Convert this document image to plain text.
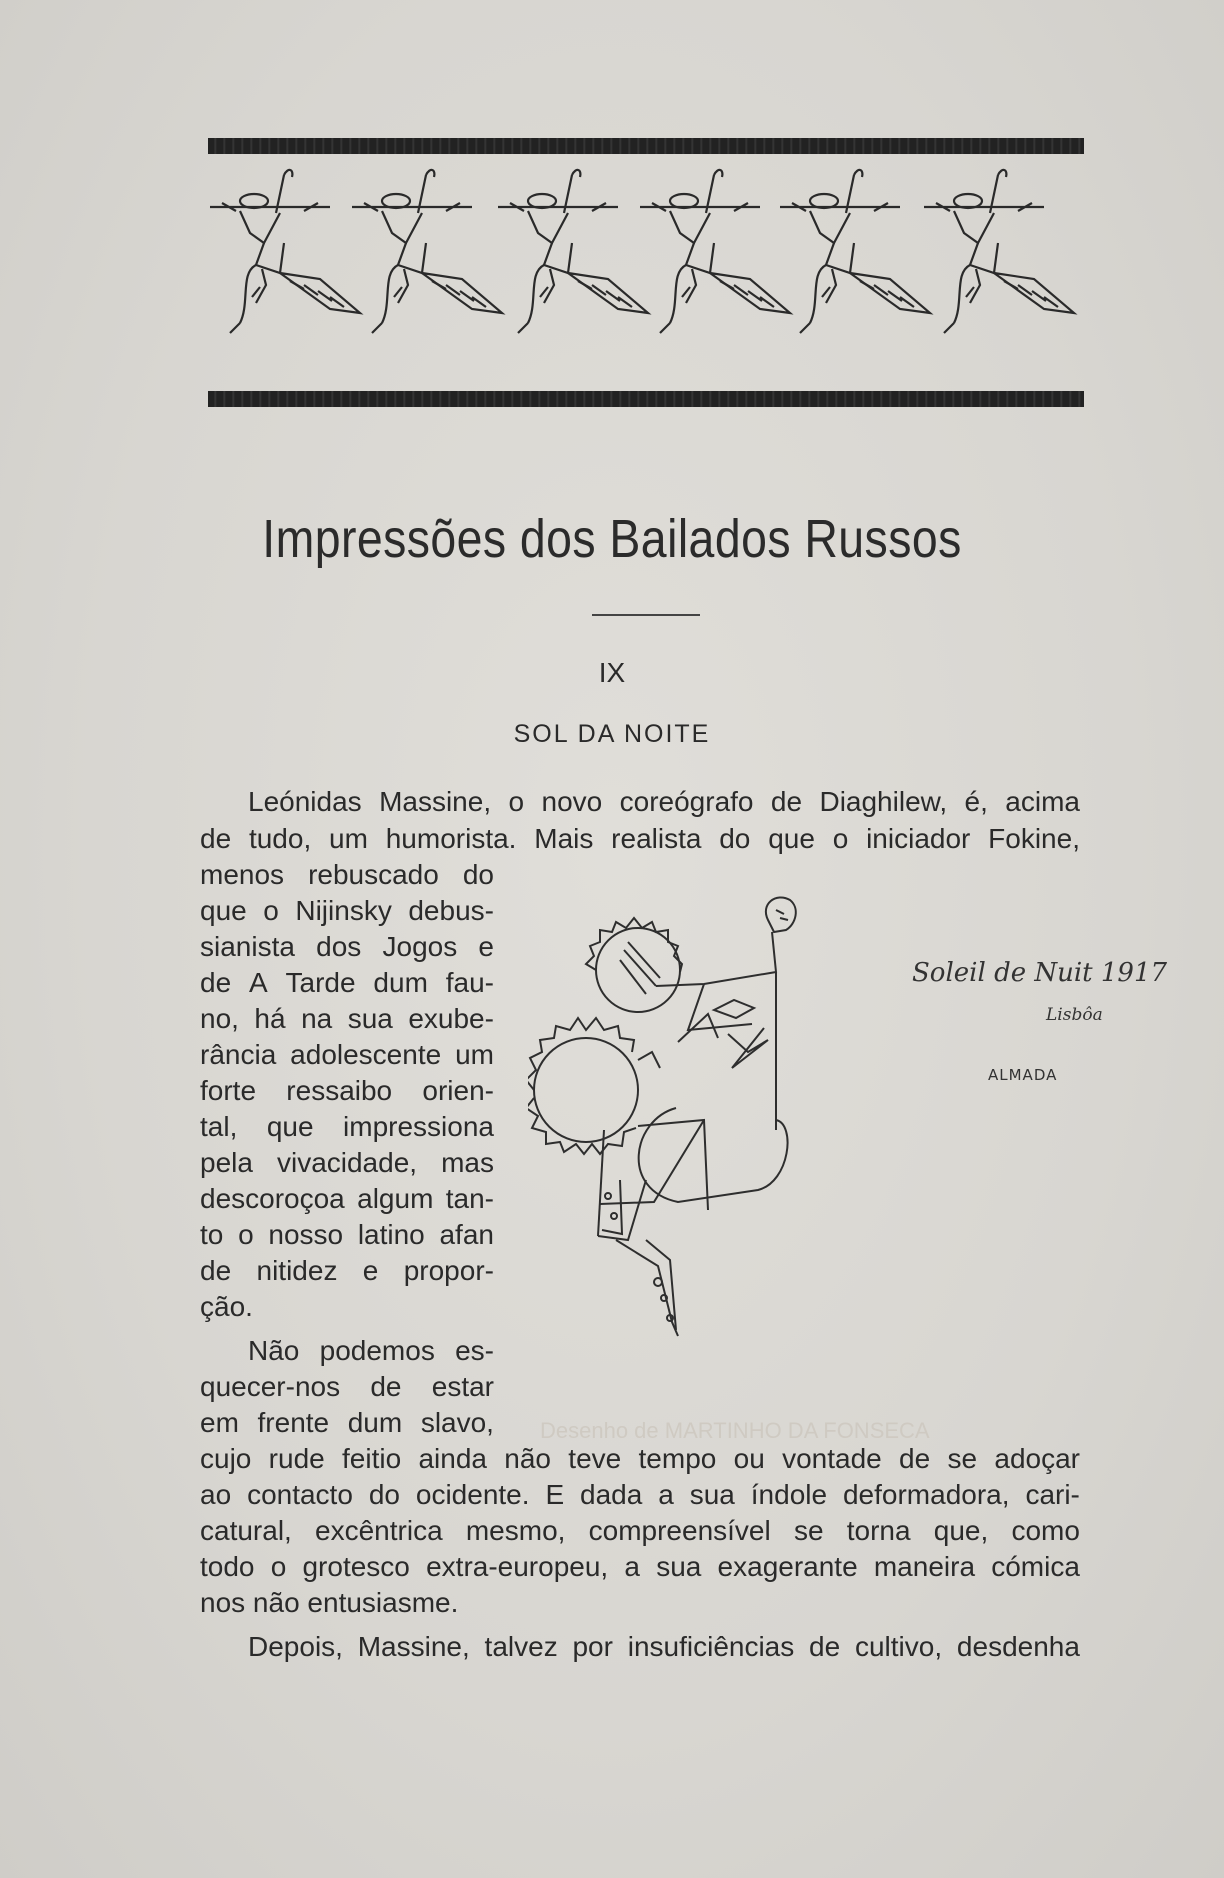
Impressões dos Bailados Russos
IX
SOL DA NOITE
Leónidas Massine, o novo coreógrafo de Diaghilew, é, acima
de tudo, um humorista. Mais realista do que o iniciador Fokine,
menos rebuscado do
que o Nijinsky debus-
sianista dos Jogos e
de A Tarde dum fau-
no, há na sua exube-
rância adolescente um
forte ressaibo orien-
tal, que impressiona
pela vivacidade, mas
descoroçoa algum tan-
to o nosso latino afan
de nitidez e propor-
ção.
Não podemos es-
quecer-nos de estar
em frente dum slavo,
cujo rude feitio ainda não teve tempo ou vontade de se adoçar
ao contacto do ocidente. E dada a sua índole deformadora, cari-
catural, excêntrica mesmo, compreensível se torna que, como
todo o grotesco extra-europeu, a sua exagerante maneira cómica
nos não entusiasme.
Depois, Massine, talvez por insuficiências de cultivo, desdenha
Soleil de Nuit 1917
Lisbôa
ALMADA
Desenho de MARTINHO DA FONSECA
